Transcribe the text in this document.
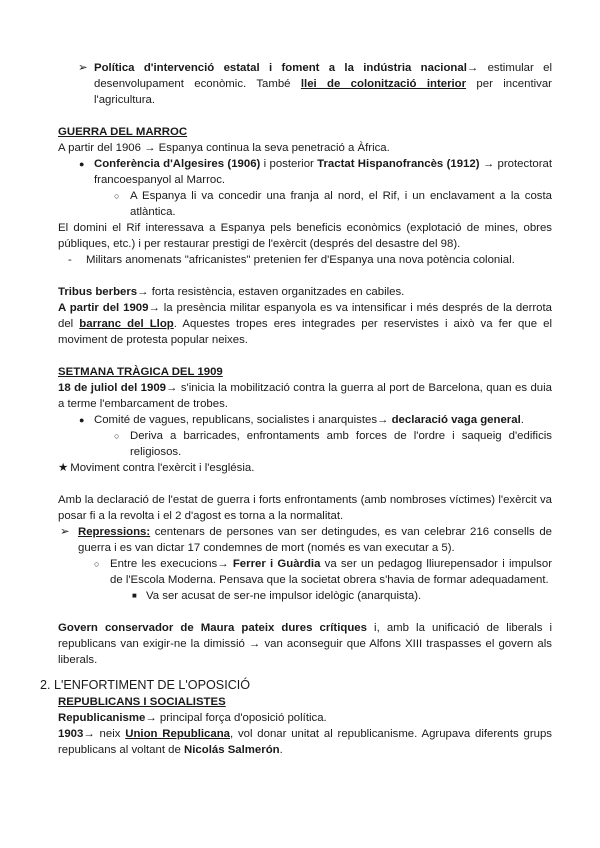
➢ Política d'intervenció estatal i foment a la indústria nacional→ estimular el desenvolupament econòmic. També llei de colonització interior per incentivar l'agricultura.

GUERRA DEL MARROC

A partir del 1906 → Espanya continua la seva penetració a Àfrica.

● Conferència d'Algesires (1906) i posterior Tractat Hispanofrancès (1912) → protectorat francoespanyol al Marroc.

○ A Espanya li va concedir una franja al nord, el Rif, i un enclavament a la costa atlàntica.

El domini el Rif interessava a Espanya pels beneficis econòmics (explotació de mines, obres públiques, etc.) i per restaurar prestigi de l'exèrcit (després del desastre del 98).

- Militars anomenats "africanistes" pretenien fer d'Espanya una nova potència colonial.

Tribus berbers→ forta resistència, estaven organitzades en cabiles.

A partir del 1909→ la presència militar espanyola es va intensificar i més després de la derrota del barranc del Llop. Aquestes tropes eres integrades per reservistes i això va fer que el moviment de protesta popular neixes.

SETMANA TRÀGICA DEL 1909

18 de juliol del 1909→ s'inicia la mobilització contra la guerra al port de Barcelona, quan es duia a terme l'embarcament de trobes.

● Comité de vagues, republicans, socialistes i anarquistes→ declaració vaga general.

○ Deriva a barricades, enfrontaments amb forces de l'ordre i saqueig d'edificis religiosos.

★ Moviment contra l'exèrcit i l'església.

Amb la declaració de l'estat de guerra i forts enfrontaments (amb nombroses víctimes) l'exèrcit va posar fi a la revolta i el 2 d'agost es torna a la normalitat.

➢ Repressions: centenars de persones van ser detingudes, es van celebrar 216 consells de guerra i es van dictar 17 condemnes de mort (només es van executar a 5).

○ Entre les execucions→ Ferrer i Guàrdia va ser un pedagog lliurepensador i impulsor de l'Escola Moderna. Pensava que la societat obrera s'havia de formar adequadament.

■ Va ser acusat de ser-ne impulsor idelògic (anarquista).

Govern conservador de Maura pateix dures crítiques i, amb la unificació de liberals i republicans van exigir-ne la dimissió → van aconseguir que Alfons XIII traspasses el govern als liberals.

2. L'ENFORTIMENT DE L'OPOSICIÓ

REPUBLICANS I SOCIALISTES

Republicanisme→ principal força d'oposició política.

1903→ neix Union Republicana, vol donar unitat al republicanisme. Agrupava diferents grups republicans al voltant de Nicolás Salmerón.
